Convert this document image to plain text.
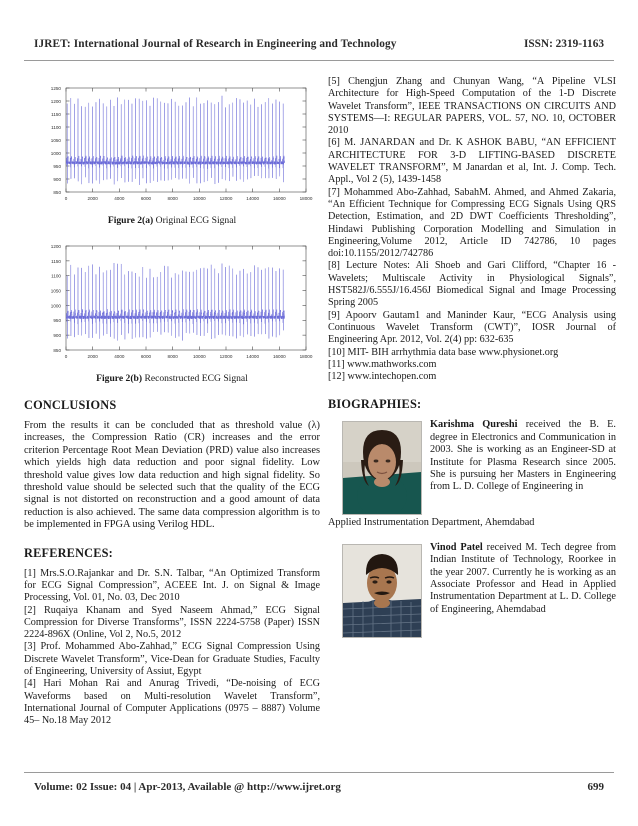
IJRET: International Journal of Research in Engineering and Technology	ISSN: 2319-1163
850
900
950
1000
1050
1100
1150
1200
1250
0	2000	4000	6000	8000	10000	12000	14000	16000	18000
Figure 2(a) Original ECG Signal
850
900
950
1000
1050
1100
1150
1200
0	2000	4000	6000	8000	10000	12000	14000	16000	18000
Figure 2(b) Reconstructed ECG Signal
CONCLUSIONS

From the results it can be concluded that as threshold value (λ) increases, the Compression Ratio (CR) increases and the error criterion Percentage Root Mean Deviation (PRD) value also increases which yields high data reduction and poor signal fidelity. Low threshold value gives low data reduction and high signal fidelity. So threshold value should be selected such that the quality of the ECG signal is not distorted on reconstruction and a good amount of data reduction is also achieved. The same data compression algorithm is to be implemented in FPGA using Verilog HDL.

REFERENCES:

[1] Mrs.S.O.Rajankar and Dr. S.N. Talbar, “An Optimized Transform for ECG Signal Compression”, ACEEE Int. J. on Signal & Image Processing, Vol. 01, No. 03, Dec 2010

[2] Ruqaiya Khanam and Syed Naseem Ahmad,” ECG Signal Compression for Diverse Transforms”, ISSN 2224-5758 (Paper) ISSN 2224-896X (Online, Vol 2, No.5, 2012

[3] Prof. Mohammed Abo-Zahhad,” ECG Signal Compression Using Discrete Wavelet Transform”, Vice-Dean for Graduate Studies, Faculty of Engineering, University of Assiut, Egypt

[4] Hari Mohan Rai and Anurag Trivedi, “De-noising of ECG Waveforms based on Multi-resolution Wavelet Transform”, International Journal of Computer Applications (0975 – 8887) Volume 45– No.18 May 2012

[5] Chengjun Zhang and Chunyan Wang, “A Pipeline VLSI Architecture for High-Speed Computation of the 1-D Discrete Wavelet Transform”, IEEE TRANSACTIONS ON CIRCUITS AND SYSTEMS—I: REGULAR PAPERS, VOL. 57, NO. 10, OCTOBER 2010

[6] M. JANARDAN and Dr. K ASHOK BABU, “AN EFFICIENT ARCHITECTURE FOR 3-D LIFTING-BASED DISCRETE WAVELET TRANSFORM”, M Janardan et al, Int. J. Comp. Tech. Appl., Vol 2 (5), 1439-1458

[7] Mohammed Abo-Zahhad, SabahM. Ahmed, and Ahmed Zakaria, “An Efficient Technique for Compressing ECG Signals Using QRS Detection, Estimation, and 2D DWT Coefficients Thresholding”, Hindawi Publishing Corporation Modelling and Simulation in Engineering,Volume 2012, Article ID 742786, 10 pages doi:10.1155/2012/742786

[8] Lecture Notes: Ali Shoeb and Gari Clifford, “Chapter 16 - Wavelets; Multiscale Activity in Physiological Signals”, HST582J/6.555J/16.456J Biomedical Signal and Image Processing Spring 2005

[9] Apoorv Gautam1 and Maninder Kaur, “ECG Analysis using Continuous Wavelet Transform (CWT)”, IOSR Journal of Engineering Apr. 2012, Vol. 2(4) pp: 632-635

[10] MIT- BIH arrhythmia data base www.physionet.org

[11] www.mathworks.com

[12] www.intechopen.com

BIOGRAPHIES:
Karishma Qureshi received the B. E. degree in Electronics and Communication in 2003. She is working as an Engineer-SD at Institute for Plasma Research since 2005. She is pursuing her Masters in Engineering from L. D. College of Engineering in
Applied Instrumentation Department, Ahemdabad
Vinod Patel received M. Tech degree from Indian Institute of Technology, Roorkee in the year 2007. Currently he is working as an Associate Professor and Head in Applied Instrumentation Department at L. D. College of Engineering, Ahemdabad
Volume: 02 Issue: 04 | Apr-2013, Available @ http://www.ijret.org	699
